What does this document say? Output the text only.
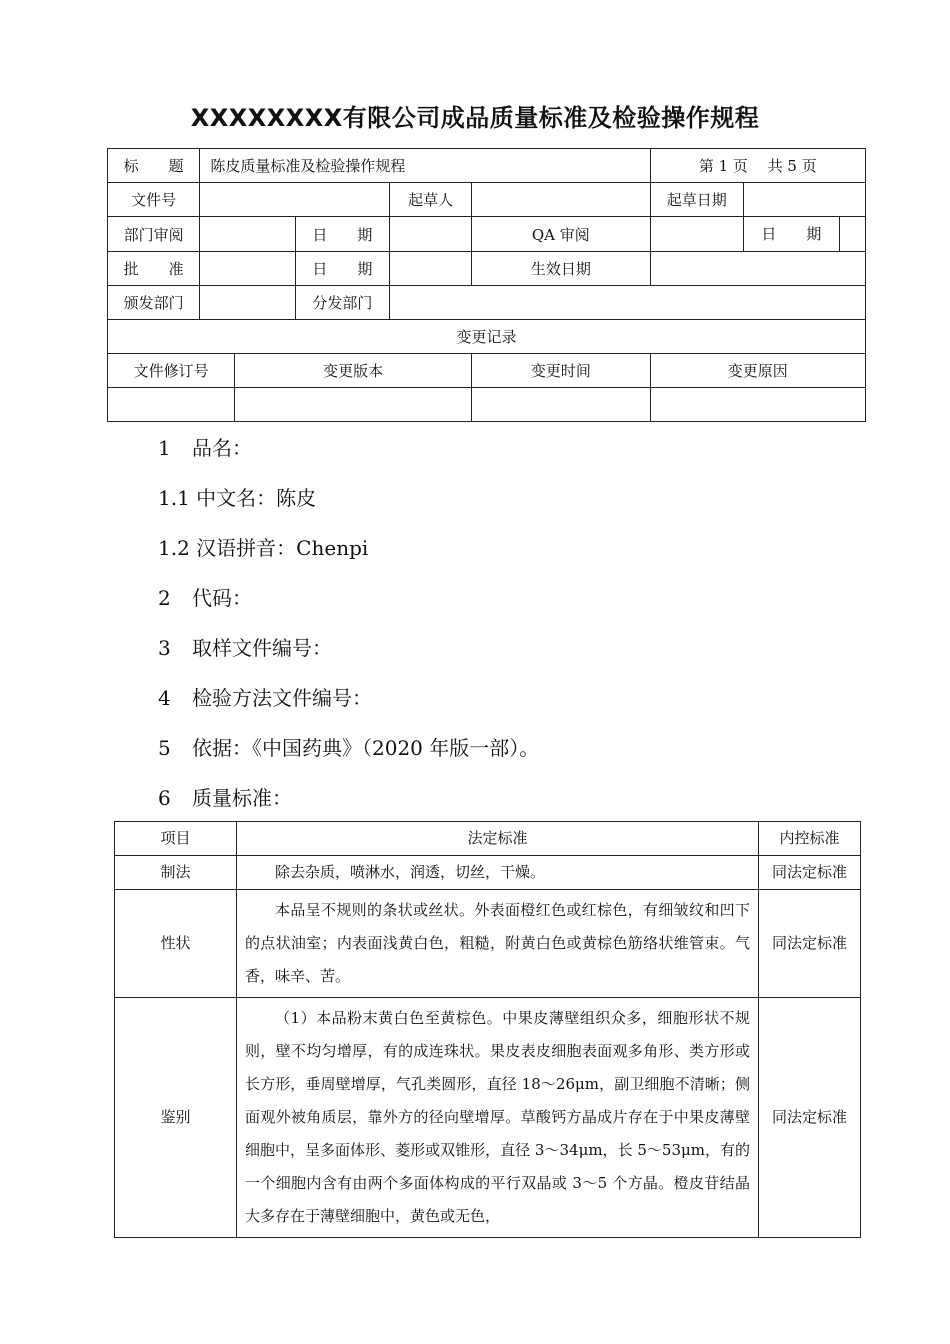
XXXXXXXX有限公司成品质量标准及检验操作规程
标　　题	陈皮质量标准及检验操作规程					第 1 页　 共 5 页	
文件号				起草人		起草日期	
部门审阅			日　　期		QA 审阅		日　　期
批　　准			日　　期		生效日期		
颁发部门			分发部门				
变更记录							
文件修订号		变更版本			变更时间	变更原因	

1 品名：
1.1 中文名：陈皮
1.2 汉语拼音：Chenpi
2 代码：
3 取样文件编号：
4 检验方法文件编号：
5 依据：《中国药典》（2020 年版一部）。
6 质量标准：
项目	法定标准	内控标准
制法	除去杂质，喷淋水，润透，切丝，干燥。	同法定标准
性状	本品呈不规则的条状或丝状。外表面橙红色或红棕色，有细皱纹和凹下的点状油室；内表面浅黄白色，粗糙，附黄白色或黄棕色筋络状维管束。气香，味辛、苦。	同法定标准
鉴别	（1）本品粉末黄白色至黄棕色。中果皮薄壁组织众多，细胞形状不规则，壁不均匀增厚，有的成连珠状。果皮表皮细胞表面观多角形、类方形或长方形，垂周壁增厚，气孔类圆形，直径 18～26μm，副卫细胞不清晰；侧面观外被角质层，靠外方的径向壁增厚。草酸钙方晶成片存在于中果皮薄壁细胞中，呈多面体形、菱形或双锥形，直径 3～34μm，长 5～53μm，有的一个细胞内含有由两个多面体构成的平行双晶或 3～5 个方晶。橙皮苷结晶大多存在于薄壁细胞中，黄色或无色，	同法定标准
